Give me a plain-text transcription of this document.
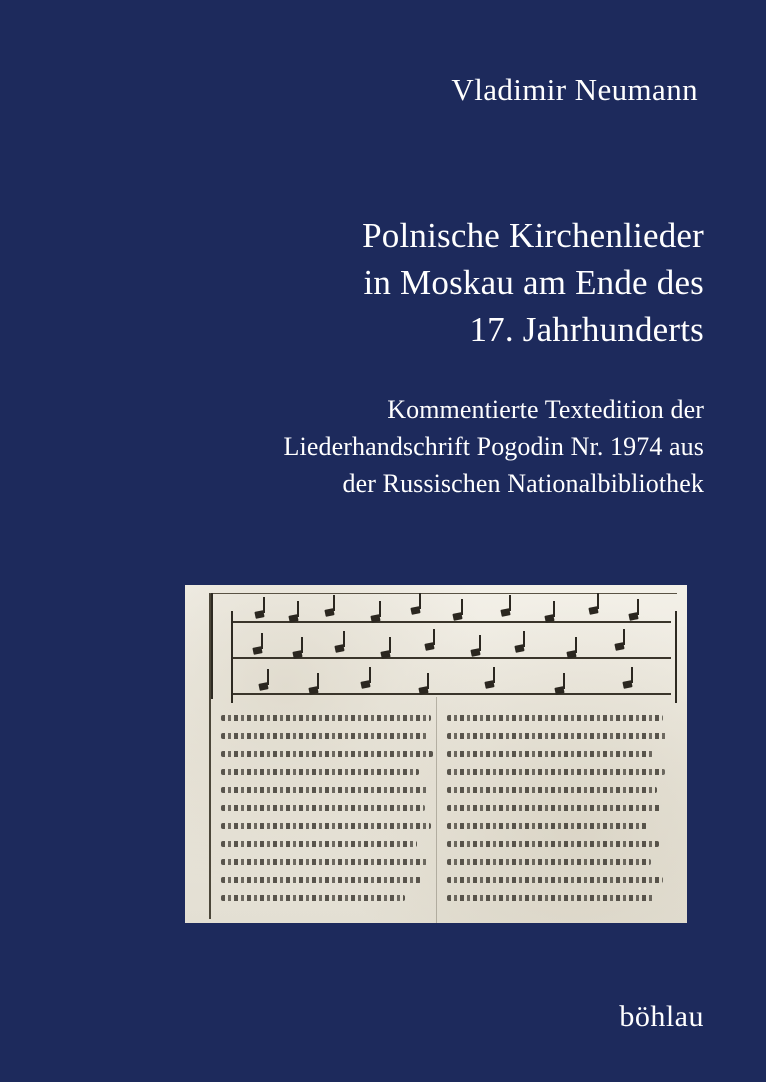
Vladimir Neumann
Polnische Kirchenlieder
in Moskau am Ende des
17. Jahrhunderts
Kommentierte Textedition der
Liederhandschrift Pogodin Nr. 1974 aus
der Russischen Nationalbibliothek
böhlau
